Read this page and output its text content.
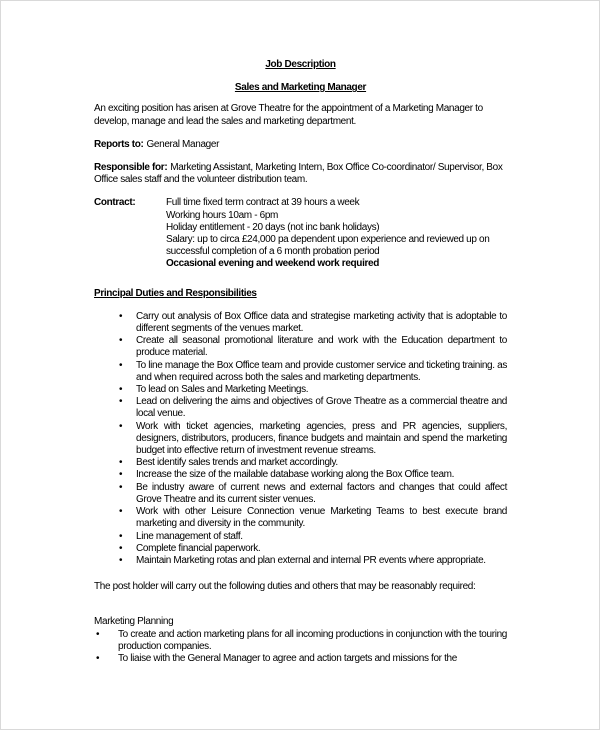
Job Description
Sales and Marketing Manager

An exciting position has arisen at Grove Theatre for the appointment of a Marketing Manager to develop, manage and lead the sales and marketing department.

Reports to: General Manager

Responsible for: Marketing Assistant, Marketing Intern, Box Office Co-coordinator/ Supervisor, Box Office sales staff and the volunteer distribution team.

Contract:	Full time fixed term contract at 39 hours a week
Working hours 10am - 6pm
Holiday entitlement - 20 days (not inc bank holidays)
Salary: up to circa £24,000 pa dependent upon experience and reviewed up on successful completion of a 6 month probation period
Occasional evening and weekend work required
Principal Duties and Responsibilities
•	Carry out analysis of Box Office data and strategise marketing activity that is adoptable to different segments of the venues market.
•	Create all seasonal promotional literature and work with the Education department to produce material.
•	To line manage the Box Office team and provide customer service and ticketing training. as and when required across both the sales and marketing departments.
•	To lead on Sales and Marketing Meetings.
•	Lead on delivering the aims and objectives of Grove Theatre as a commercial theatre and local venue.
•	Work with ticket agencies, marketing agencies, press and PR agencies, suppliers, designers, distributors, producers, finance budgets and maintain and spend the marketing budget into effective return of investment revenue streams.
•	Best identify sales trends and market accordingly.
•	Increase the size of the mailable database working along the Box Office team.
•	Be industry aware of current news and external factors and changes that could affect Grove Theatre and its current sister venues.
•	Work with other Leisure Connection venue Marketing Teams to best execute brand marketing and diversity in the community.
•	Line management of staff.
•	Complete financial paperwork.
•	Maintain Marketing rotas and plan external and internal PR events where appropriate.

The post holder will carry out the following duties and others that may be reasonably required:

Marketing Planning

•	To create and action marketing plans for all incoming productions in conjunction with the touring production companies.
•	To liaise with the General Manager to agree and action targets and missions for the
